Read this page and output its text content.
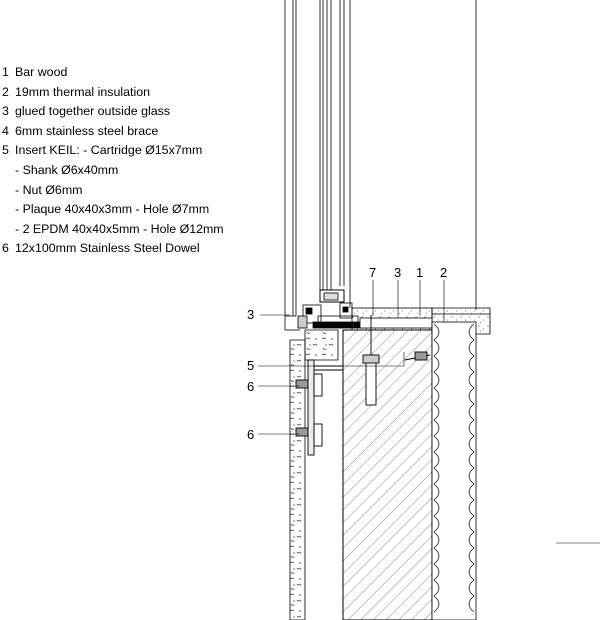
1 Bar wood
2 19mm thermal insulation
3 glued together outside glass
4 6mm stainless steel brace
5 Insert KEIL: - Cartridge Ø15x7mm
- Shank Ø6x40mm
- Nut Ø6mm
- Plaque 40x40x3mm - Hole Ø7mm
- 2 EPDM 40x40x5mm - Hole Ø12mm
6 12x100mm Stainless Steel Dowel
7 3 1 2
3
5
6
6
